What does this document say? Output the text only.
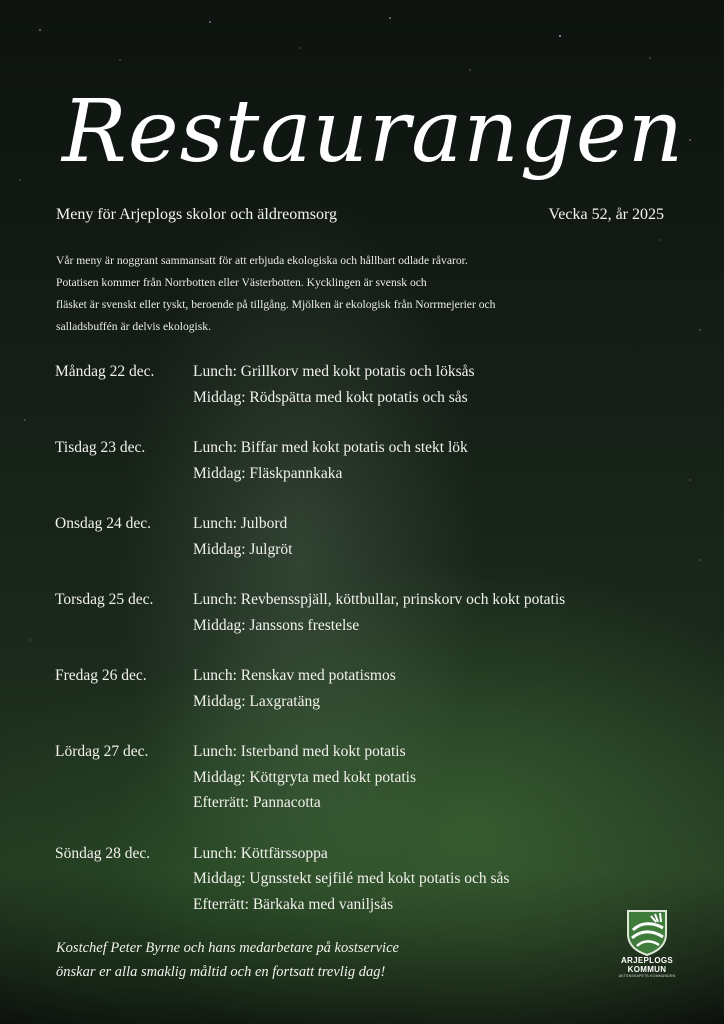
Restaurangen
Meny för Arjeplogs skolor och äldreomsorg	Vecka 52, år 2025

Vår meny är noggrant sammansatt för att erbjuda ekologiska och hållbart odlade råvaror.

Potatisen kommer från Norrbotten eller Västerbotten. Kycklingen är svensk och

fläsket är svenskt eller tyskt, beroende på tillgång. Mjölken är ekologisk från Norrmejerier och

salladsbuffén är delvis ekologisk.

Måndag 22 dec.	Lunch: Grillkorv med kokt potatis och löksås
Middag: Rödspätta med kokt potatis och sås
Tisdag 23 dec.	Lunch: Biffar med kokt potatis och stekt lök
Middag: Fläskpannkaka
Onsdag 24 dec.	Lunch: Julbord
Middag: Julgröt
Torsdag 25 dec.	Lunch: Revbensspjäll, köttbullar, prinskorv och kokt potatis
Middag: Janssons frestelse
Fredag 26 dec.	Lunch: Renskav med potatismos
Middag: Laxgratäng
Lördag 27 dec.	Lunch: Isterband med kokt potatis
Middag: Köttgryta med kokt potatis
Efterrätt: Pannacotta
Söndag 28 dec.	Lunch: Köttfärssoppa
Middag: Ugnsstekt sejfilé med kokt potatis och sås
Efterrätt: Bärkaka med vaniljsås

Kostchef Peter Byrne och hans medarbetare på kostservice

önskar er alla smaklig måltid och en fortsatt trevlig dag!

ARJEPLOGS
KOMMUN
ÄKTENSKAPETS KOMMUNDEN
